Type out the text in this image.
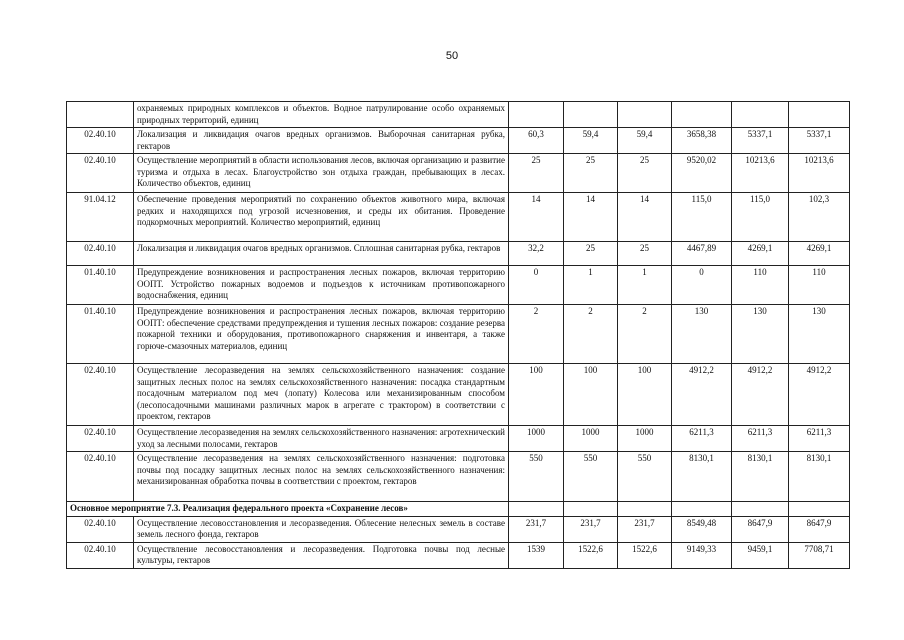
50
	охраняемых природных комплексов и объектов. Водное патрулирование особо охраняемых природных территорий, единиц						
02.40.10	Локализация и ликвидация очагов вредных организмов. Выборочная санитарная рубка, гектаров	60,3	59,4	59,4	3658,38	5337,1	5337,1
02.40.10	Осуществление мероприятий в области использования лесов, включая организацию и развитие туризма и отдыха в лесах. Благоустройство зон отдыха граждан, пребывающих в лесах. Количество объектов, единиц	25	25	25	9520,02	10213,6	10213,6
91.04.12	Обеспечение проведения мероприятий по сохранению объектов животного мира, включая редких и находящихся под угрозой исчезновения, и среды их обитания. Проведение подкормочных мероприятий. Количество мероприятий, единиц	14	14	14	115,0	115,0	102,3
02.40.10	Локализация и ликвидация очагов вредных организмов. Сплошная санитарная рубка, гектаров	32,2	25	25	4467,89	4269,1	4269,1
01.40.10	Предупреждение возникновения и распространения лесных пожаров, включая территорию ООПТ. Устройство пожарных водоемов и подъездов к источникам противопожарного водоснабжения, единиц	0	1	1	0	110	110
01.40.10	Предупреждение возникновения и распространения лесных пожаров, включая территорию ООПТ: обеспечение средствами предупреждения и тушения лесных пожаров: создание резерва пожарной техники и оборудования, противопожарного снаряжения и инвентаря, а также горюче-смазочных материалов, единиц	2	2	2	130	130	130
02.40.10	Осуществление лесоразведения на землях сельскохозяйственного назначения: создание защитных лесных полос на землях сельскохозяйственного назначения: посадка стандартным посадочным материалом под меч (лопату) Колесова или механизированным способом (лесопосадочными машинами различных марок в агрегате с трактором) в соответствии с проектом, гектаров	100	100	100	4912,2	4912,2	4912,2
02.40.10	Осуществление лесоразведения на землях сельскохозяйственного назначения: агротехнический уход за лесными полосами, гектаров	1000	1000	1000	6211,3	6211,3	6211,3
02.40.10	Осуществление лесоразведения на землях сельскохозяйственного назначения: подготовка почвы под посадку защитных лесных полос на землях сельскохозяйственного назначения: механизированная обработка почвы в соответствии с проектом, гектаров	550	550	550	8130,1	8130,1	8130,1
Основное мероприятие 7.3. Реализация федерального проекта «Сохранение лесов»							
02.40.10	Осуществление лесовосстановления и лесоразведения. Облесение нелесных земель в составе земель лесного фонда, гектаров	231,7	231,7	231,7	8549,48	8647,9	8647,9
02.40.10	Осуществление лесовосстановления и лесоразведения. Подготовка почвы под лесные культуры, гектаров	1539	1522,6	1522,6	9149,33	9459,1	7708,71
